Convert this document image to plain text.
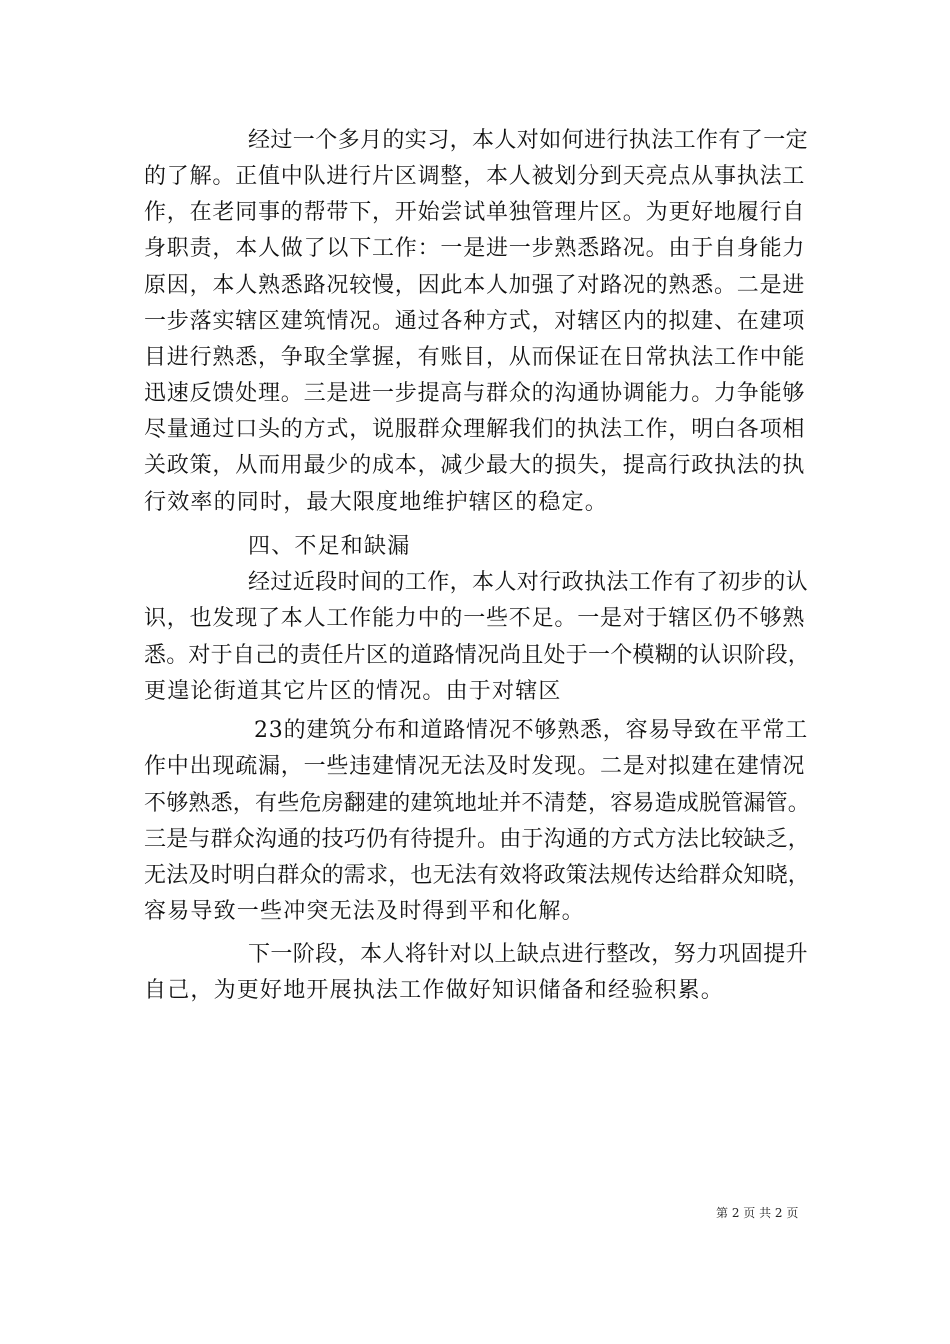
经过一个多月的实习，本人对如何进行执法工作有了一定
的了解。正值中队进行片区调整，本人被划分到天亮点从事执法工
作，在老同事的帮带下，开始尝试单独管理片区。为更好地履行自
身职责，本人做了以下工作：一是进一步熟悉路况。由于自身能力
原因，本人熟悉路况较慢，因此本人加强了对路况的熟悉。二是进
一步落实辖区建筑情况。通过各种方式，对辖区内的拟建、在建项
目进行熟悉，争取全掌握，有账目，从而保证在日常执法工作中能
迅速反馈处理。三是进一步提高与群众的沟通协调能力。力争能够
尽量通过口头的方式，说服群众理解我们的执法工作，明白各项相
关政策，从而用最少的成本，减少最大的损失，提高行政执法的执
行效率的同时，最大限度地维护辖区的稳定。
四、不足和缺漏
经过近段时间的工作，本人对行政执法工作有了初步的认
识，也发现了本人工作能力中的一些不足。一是对于辖区仍不够熟
悉。对于自己的责任片区的道路情况尚且处于一个模糊的认识阶段，
更遑论街道其它片区的情况。由于对辖区
23的建筑分布和道路情况不够熟悉，容易导致在平常工
作中出现疏漏，一些违建情况无法及时发现。二是对拟建在建情况
不够熟悉，有些危房翻建的建筑地址并不清楚，容易造成脱管漏管。
三是与群众沟通的技巧仍有待提升。由于沟通的方式方法比较缺乏，
无法及时明白群众的需求，也无法有效将政策法规传达给群众知晓，
容易导致一些冲突无法及时得到平和化解。
下一阶段，本人将针对以上缺点进行整改，努力巩固提升
自己，为更好地开展执法工作做好知识储备和经验积累。
第 2 页 共 2 页
